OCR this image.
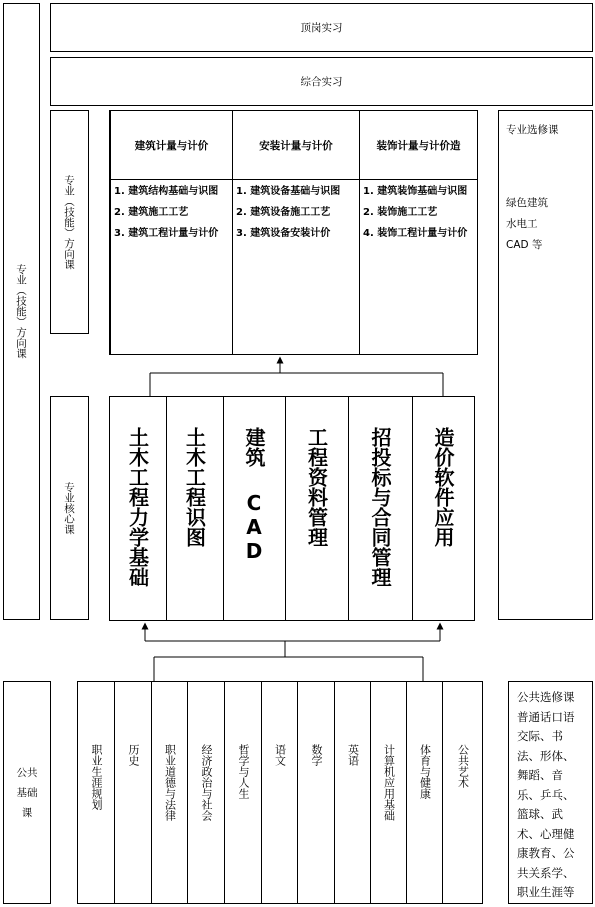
专业（技能）方向课
顶岗实习
综合实习
专业（技能）方向课
建筑计量与计价
1. 建筑结构基础与识图
2. 建筑施工工艺
3. 建筑工程计量与计价
安装计量与计价
1. 建筑设备基础与识图
2. 建筑设备施工工艺
3. 建筑设备安装计价
装饰计量与计价造
1. 建筑装饰基础与识图
2. 装饰施工工艺
4. 装饰工程计量与计价
专业选修课
绿色建筑
水电工
CAD 等
专业核心课	土木工程力学基础 土木工程识图 建筑 CAD 工程资料管理 招投标与合同管理 造价软件应用
公共基础课
职业生涯规划 历史 职业道德与法律 经济政治与社会 哲学与人生 语文 数学 英语 计算机应用基础 体育与健康 公共艺术
公共选修课普通话口语交际、书法、形体、舞蹈、音乐、乒乓、篮球、武术、心理健康教育、公共关系学、职业生涯等
